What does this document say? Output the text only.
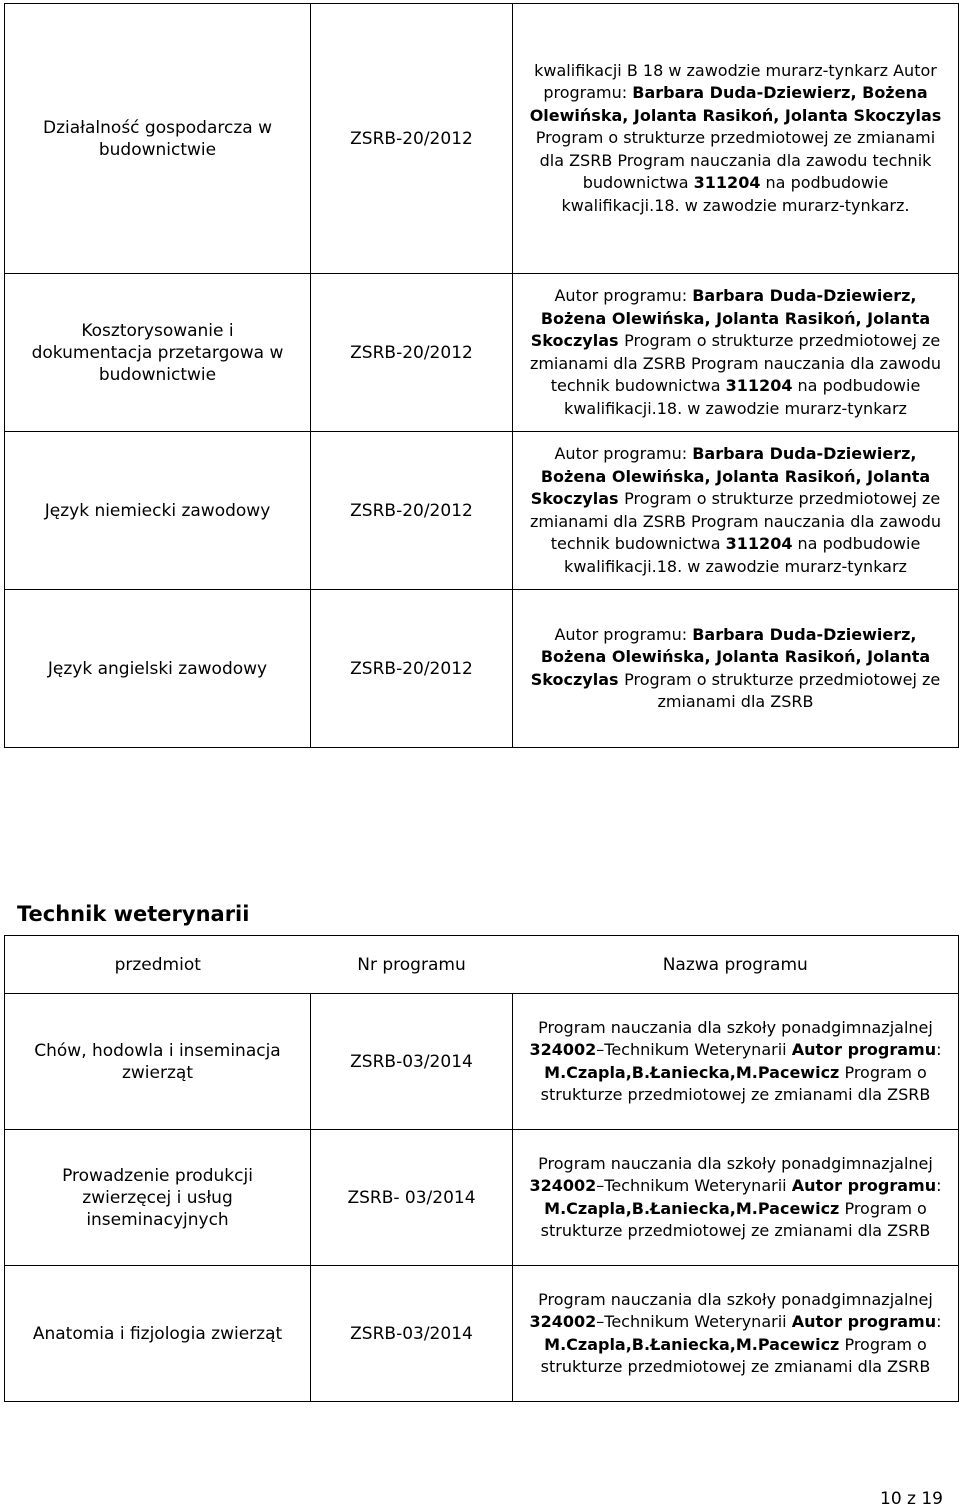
Działalność gospodarcza w budownictwie	ZSRB-20/2012	kwalifikacji B 18 w zawodzie murarz-tynkarz Autor programu: Barbara Duda-Dziewierz, Bożena Olewińska, Jolanta Rasikoń, Jolanta Skoczylas Program o strukturze przedmiotowej ze zmianami dla ZSRB Program nauczania dla zawodu technik budownictwa 311204 na podbudowie kwalifikacji.18. w zawodzie murarz-tynkarz.
Kosztorysowanie i dokumentacja przetargowa w budownictwie	ZSRB-20/2012	Autor programu: Barbara Duda-Dziewierz, Bożena Olewińska, Jolanta Rasikoń, Jolanta Skoczylas Program o strukturze przedmiotowej ze zmianami dla ZSRB Program nauczania dla zawodu technik budownictwa 311204 na podbudowie kwalifikacji.18. w zawodzie murarz-tynkarz
Język niemiecki zawodowy	ZSRB-20/2012	Autor programu: Barbara Duda-Dziewierz, Bożena Olewińska, Jolanta Rasikoń, Jolanta Skoczylas Program o strukturze przedmiotowej ze zmianami dla ZSRB Program nauczania dla zawodu technik budownictwa 311204 na podbudowie kwalifikacji.18. w zawodzie murarz-tynkarz
Język angielski zawodowy	ZSRB-20/2012	Autor programu: Barbara Duda-Dziewierz, Bożena Olewińska, Jolanta Rasikoń, Jolanta Skoczylas Program o strukturze przedmiotowej ze zmianami dla ZSRB
Technik weterynarii
przedmiot	Nr programu	Nazwa programu
Chów, hodowla i inseminacja zwierząt	ZSRB-03/2014	Program nauczania dla szkoły ponadgimnazjalnej 324002–Technikum Weterynarii Autor programu: M.Czapla,B.Łaniecka,M.Pacewicz Program o strukturze przedmiotowej ze zmianami dla ZSRB
Prowadzenie produkcji zwierzęcej i usług inseminacyjnych	ZSRB- 03/2014	Program nauczania dla szkoły ponadgimnazjalnej 324002–Technikum Weterynarii Autor programu: M.Czapla,B.Łaniecka,M.Pacewicz Program o strukturze przedmiotowej ze zmianami dla ZSRB
Anatomia i fizjologia zwierząt	ZSRB-03/2014	Program nauczania dla szkoły ponadgimnazjalnej 324002–Technikum Weterynarii Autor programu: M.Czapla,B.Łaniecka,M.Pacewicz Program o strukturze przedmiotowej ze zmianami dla ZSRB
10 z 19
